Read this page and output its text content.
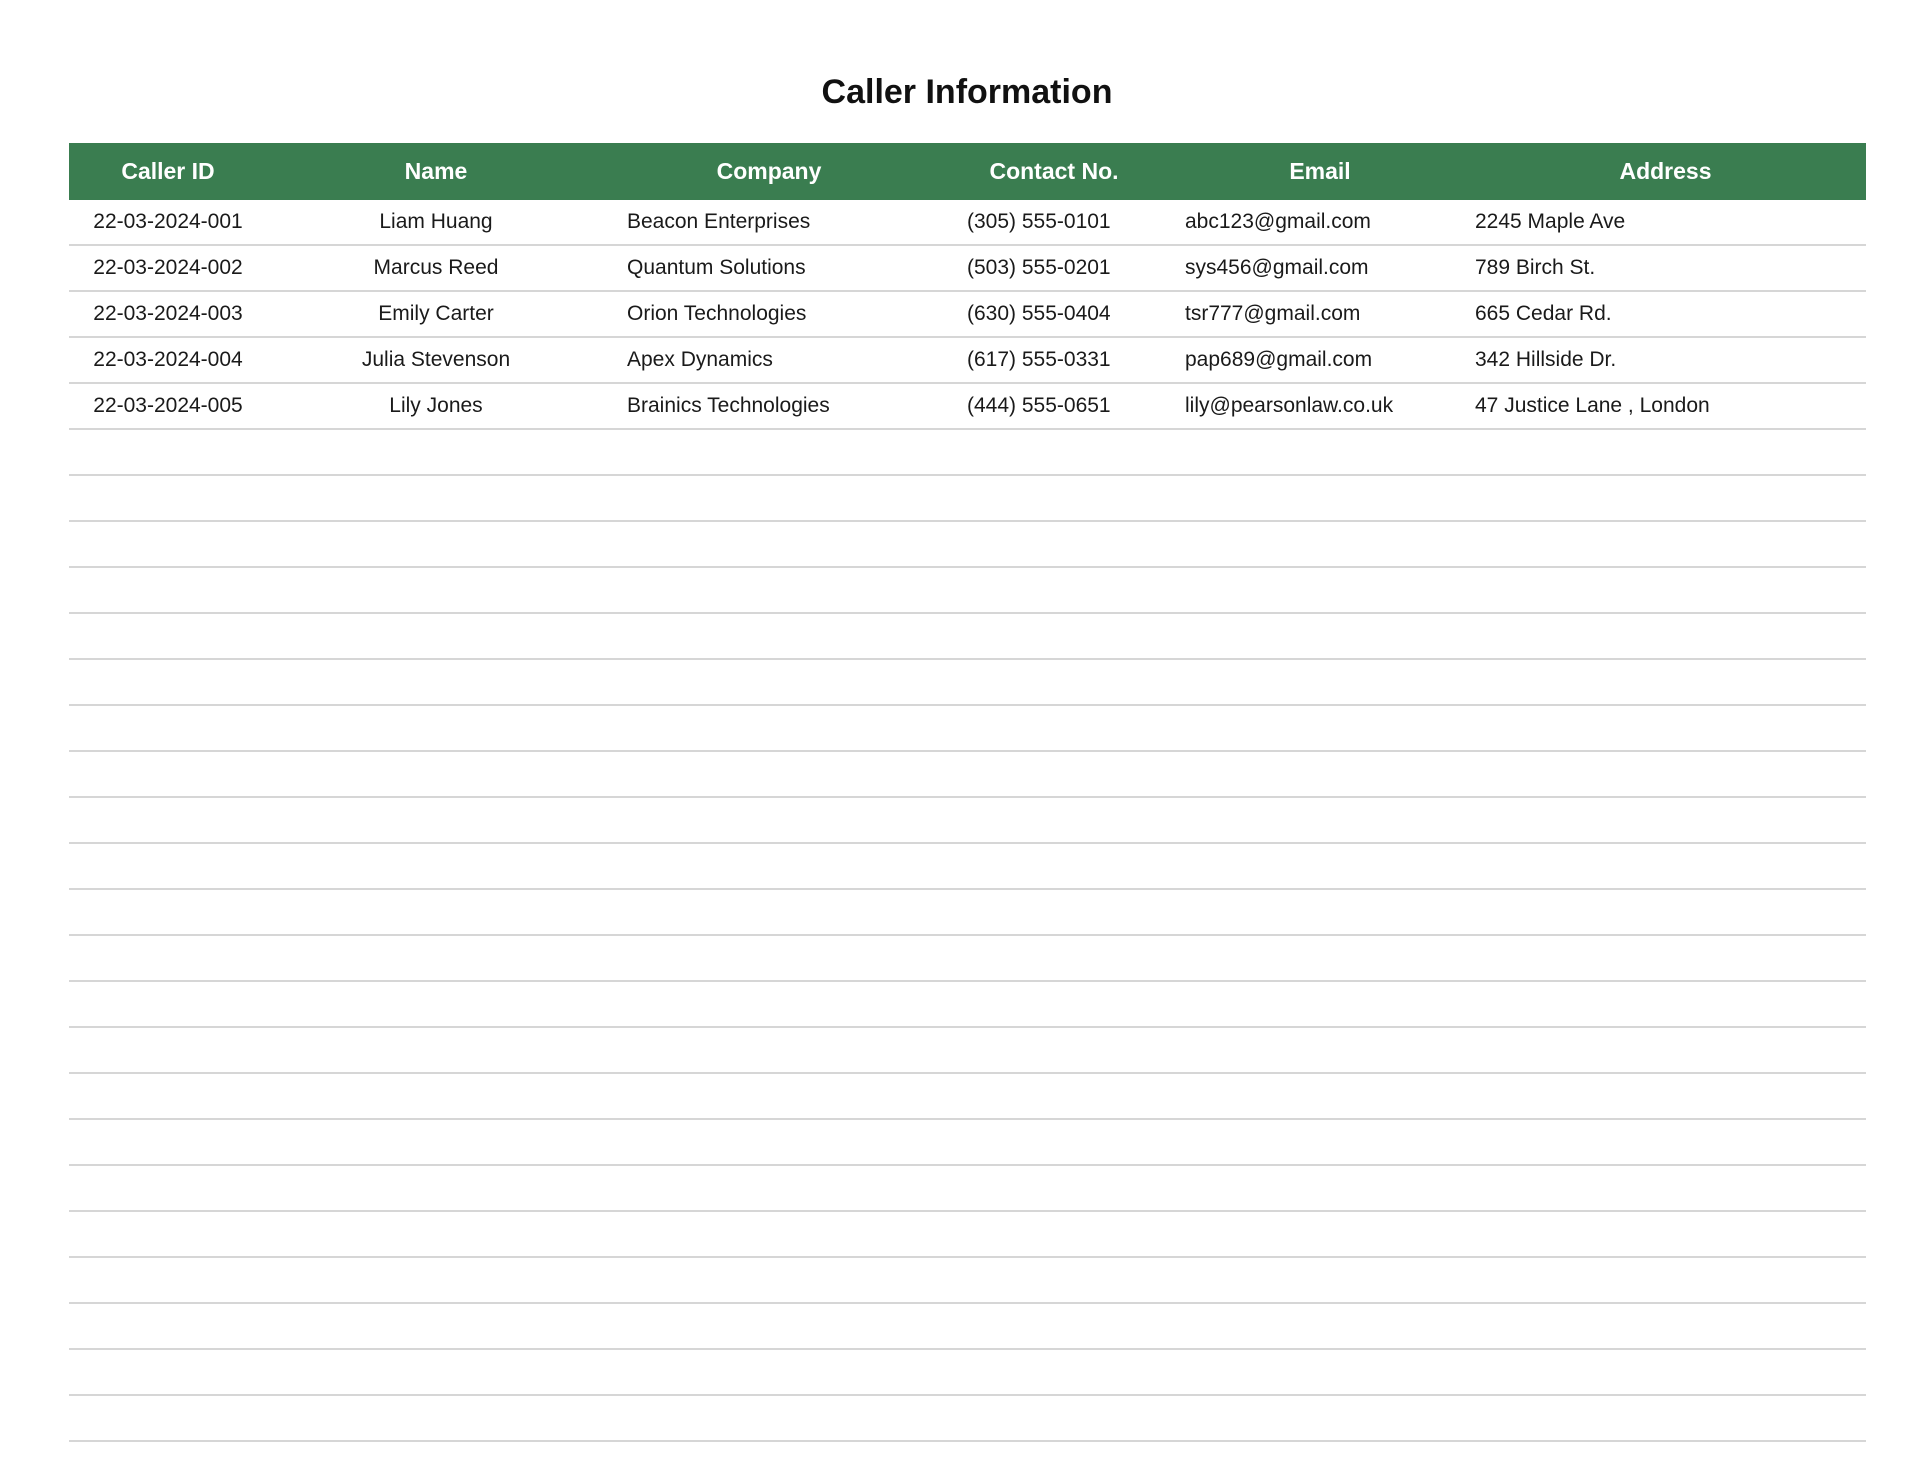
Caller Information
Caller ID	Name	Company	Contact No.	Email	Address
22-03-2024-001	Liam Huang	Beacon Enterprises	(305) 555-0101	abc123@gmail.com	2245 Maple Ave
22-03-2024-002	Marcus Reed	Quantum Solutions	(503) 555-0201	sys456@gmail.com	789 Birch St.
22-03-2024-003	Emily Carter	Orion Technologies	(630) 555-0404	tsr777@gmail.com	665 Cedar Rd.
22-03-2024-004	Julia Stevenson	Apex Dynamics	(617) 555-0331	pap689@gmail.com	342 Hillside Dr.
22-03-2024-005	Lily Jones	Brainics Technologies	(444) 555-0651	lily@pearsonlaw.co.uk	47 Justice Lane , London
